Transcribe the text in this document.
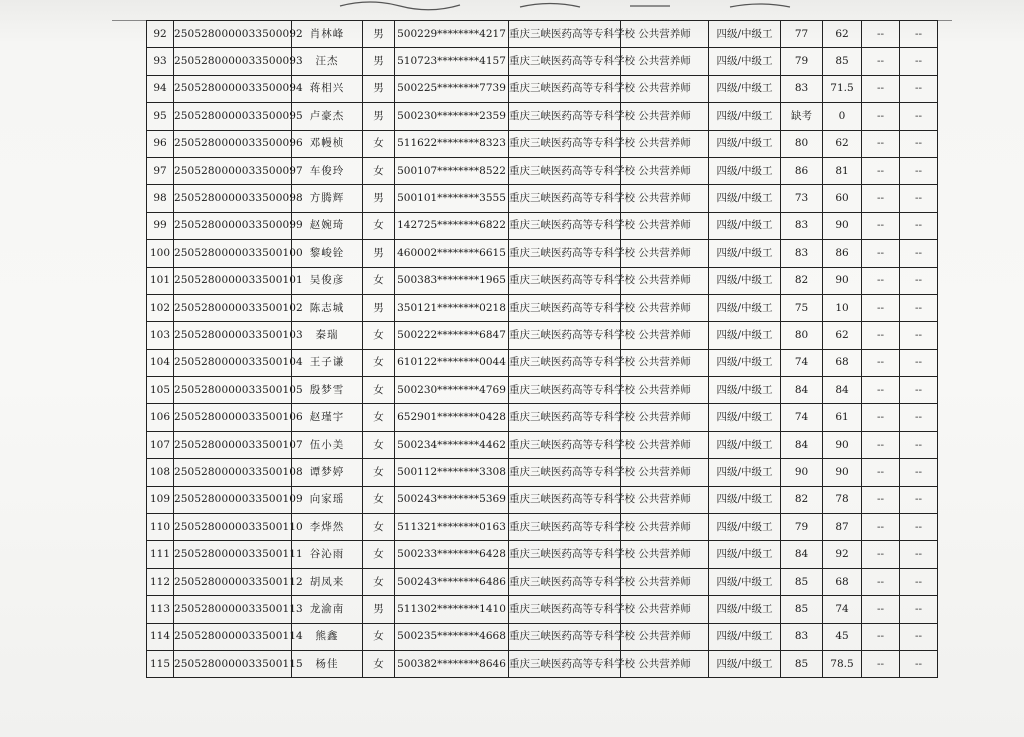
92	2505280000033500092	肖林峰	男	500229********4217	重庆三峡医药高等专科学校	公共营养师	四级/中级工	77	62	--	--
93	2505280000033500093	汪杰	男	510723********4157	重庆三峡医药高等专科学校	公共营养师	四级/中级工	79	85	--	--
94	2505280000033500094	蒋相兴	男	500225********7739	重庆三峡医药高等专科学校	公共营养师	四级/中级工	83	71.5	--	--
95	2505280000033500095	卢豪杰	男	500230********2359	重庆三峡医药高等专科学校	公共营养师	四级/中级工	缺考	0	--	--
96	2505280000033500096	邓幔桢	女	511622********8323	重庆三峡医药高等专科学校	公共营养师	四级/中级工	80	62	--	--
97	2505280000033500097	车俊玲	女	500107********8522	重庆三峡医药高等专科学校	公共营养师	四级/中级工	86	81	--	--
98	2505280000033500098	方腾辉	男	500101********3555	重庆三峡医药高等专科学校	公共营养师	四级/中级工	73	60	--	--
99	2505280000033500099	赵婉琦	女	142725********6822	重庆三峡医药高等专科学校	公共营养师	四级/中级工	83	90	--	--
100	2505280000033500100	黎峻铨	男	460002********6615	重庆三峡医药高等专科学校	公共营养师	四级/中级工	83	86	--	--
101	2505280000033500101	吴俊彦	女	500383********1965	重庆三峡医药高等专科学校	公共营养师	四级/中级工	82	90	--	--
102	2505280000033500102	陈志城	男	350121********0218	重庆三峡医药高等专科学校	公共营养师	四级/中级工	75	10	--	--
103	2505280000033500103	秦瑞	女	500222********6847	重庆三峡医药高等专科学校	公共营养师	四级/中级工	80	62	--	--
104	2505280000033500104	王子谦	女	610122********0044	重庆三峡医药高等专科学校	公共营养师	四级/中级工	74	68	--	--
105	2505280000033500105	殷梦雪	女	500230********4769	重庆三峡医药高等专科学校	公共营养师	四级/中级工	84	84	--	--
106	2505280000033500106	赵瑾宇	女	652901********0428	重庆三峡医药高等专科学校	公共营养师	四级/中级工	74	61	--	--
107	2505280000033500107	伍小美	女	500234********4462	重庆三峡医药高等专科学校	公共营养师	四级/中级工	84	90	--	--
108	2505280000033500108	谭梦婷	女	500112********3308	重庆三峡医药高等专科学校	公共营养师	四级/中级工	90	90	--	--
109	2505280000033500109	向家瑶	女	500243********5369	重庆三峡医药高等专科学校	公共营养师	四级/中级工	82	78	--	--
110	2505280000033500110	李烨然	女	511321********0163	重庆三峡医药高等专科学校	公共营养师	四级/中级工	79	87	--	--
111	2505280000033500111	谷沁雨	女	500233********6428	重庆三峡医药高等专科学校	公共营养师	四级/中级工	84	92	--	--
112	2505280000033500112	胡凤来	女	500243********6486	重庆三峡医药高等专科学校	公共营养师	四级/中级工	85	68	--	--
113	2505280000033500113	龙渝南	男	511302********1410	重庆三峡医药高等专科学校	公共营养师	四级/中级工	85	74	--	--
114	2505280000033500114	熊鑫	女	500235********4668	重庆三峡医药高等专科学校	公共营养师	四级/中级工	83	45	--	--
115	2505280000033500115	杨佳	女	500382********8646	重庆三峡医药高等专科学校	公共营养师	四级/中级工	85	78.5	--	--
